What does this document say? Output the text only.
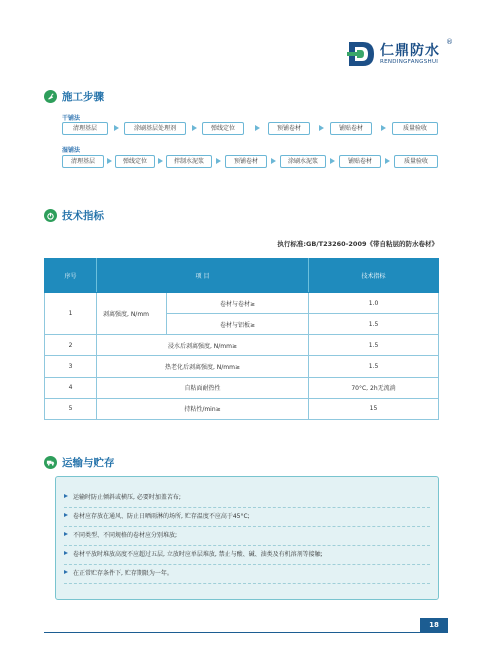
仁鼎防水
®
RENDINGFANGSHUI
施工步骤
干铺法
清理基层	涂刷基层处理剂	弹线定位	预铺卷材	铺贴卷材	质量验收
湿铺法
清理基层	弹线定位	拌制水泥浆	预铺卷材	涂刷水泥浆	铺贴卷材	质量验收
技术指标
执行标准:GB/T23260-2009《带自粘层的防水卷材》
序号	项 目		技术指标
1	剥离强度, N/mm	卷材与卷材≥	1.0
		卷材与铝板≥	1.5
2	浸水后剥离强度, N/mm≥		1.5
3	热老化后剥离强度, N/mm≥		1.5
4	自粘面耐热性		70°C, 2h无流淌
5	持粘性/min≥		15
运输与贮存
运输时防止倾斜或横压, 必要时加盖苫布;
卷材应存放在通风、防止日晒雨淋的场所, 贮存温度不应高于45°C;
不同类型、不同规格的卷材应分别堆放;
卷材平放时堆放高度不应超过五层, 立放时应单层堆放, 禁止与酸、碱、油类及有机溶剂等接触;
在正常贮存条件下, 贮存期限为一年。
18
